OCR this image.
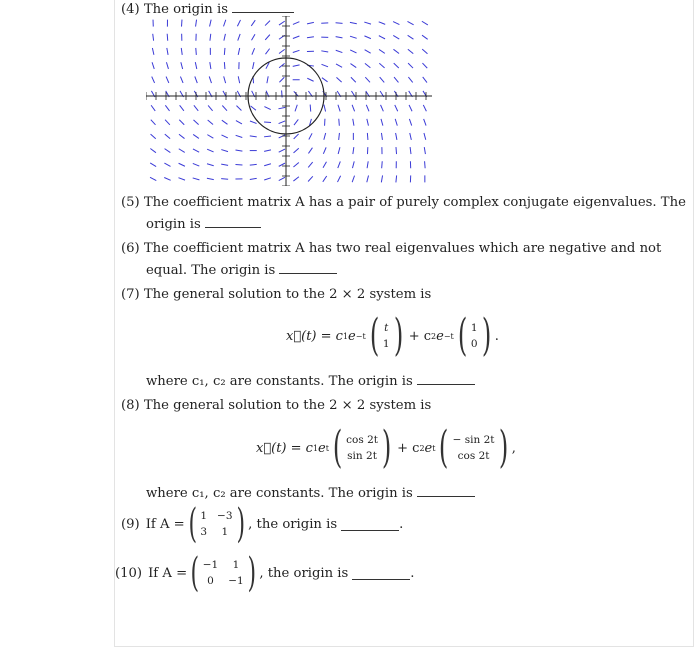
(4) The origin is
(5) The coefficient matrix A has a pair of purely complex conjugate eigenvalues. The
origin is
(6) The coefficient matrix A has two real eigenvalues which are negative and not
equal. The origin is
(7) The general solution to the 2 × 2 system is
x⃗(t) = c 1 e −t ( t
1 ) + c 2 e −t ( 1
0 ) .
where c₁, c₂ are constants. The origin is
(8) The general solution to the 2 × 2 system is
x⃗(t) = c 1 e t ( cos 2t
sin 2t ) + c 2 e t ( − sin 2t
cos 2t ) ,
where c₁, c₂ are constants. The origin is
(9) If A = ( 1 −3
3	1 ) , the origin is	.
(10) If A = ( −1	1
0	−1 ) , the origin is	.
